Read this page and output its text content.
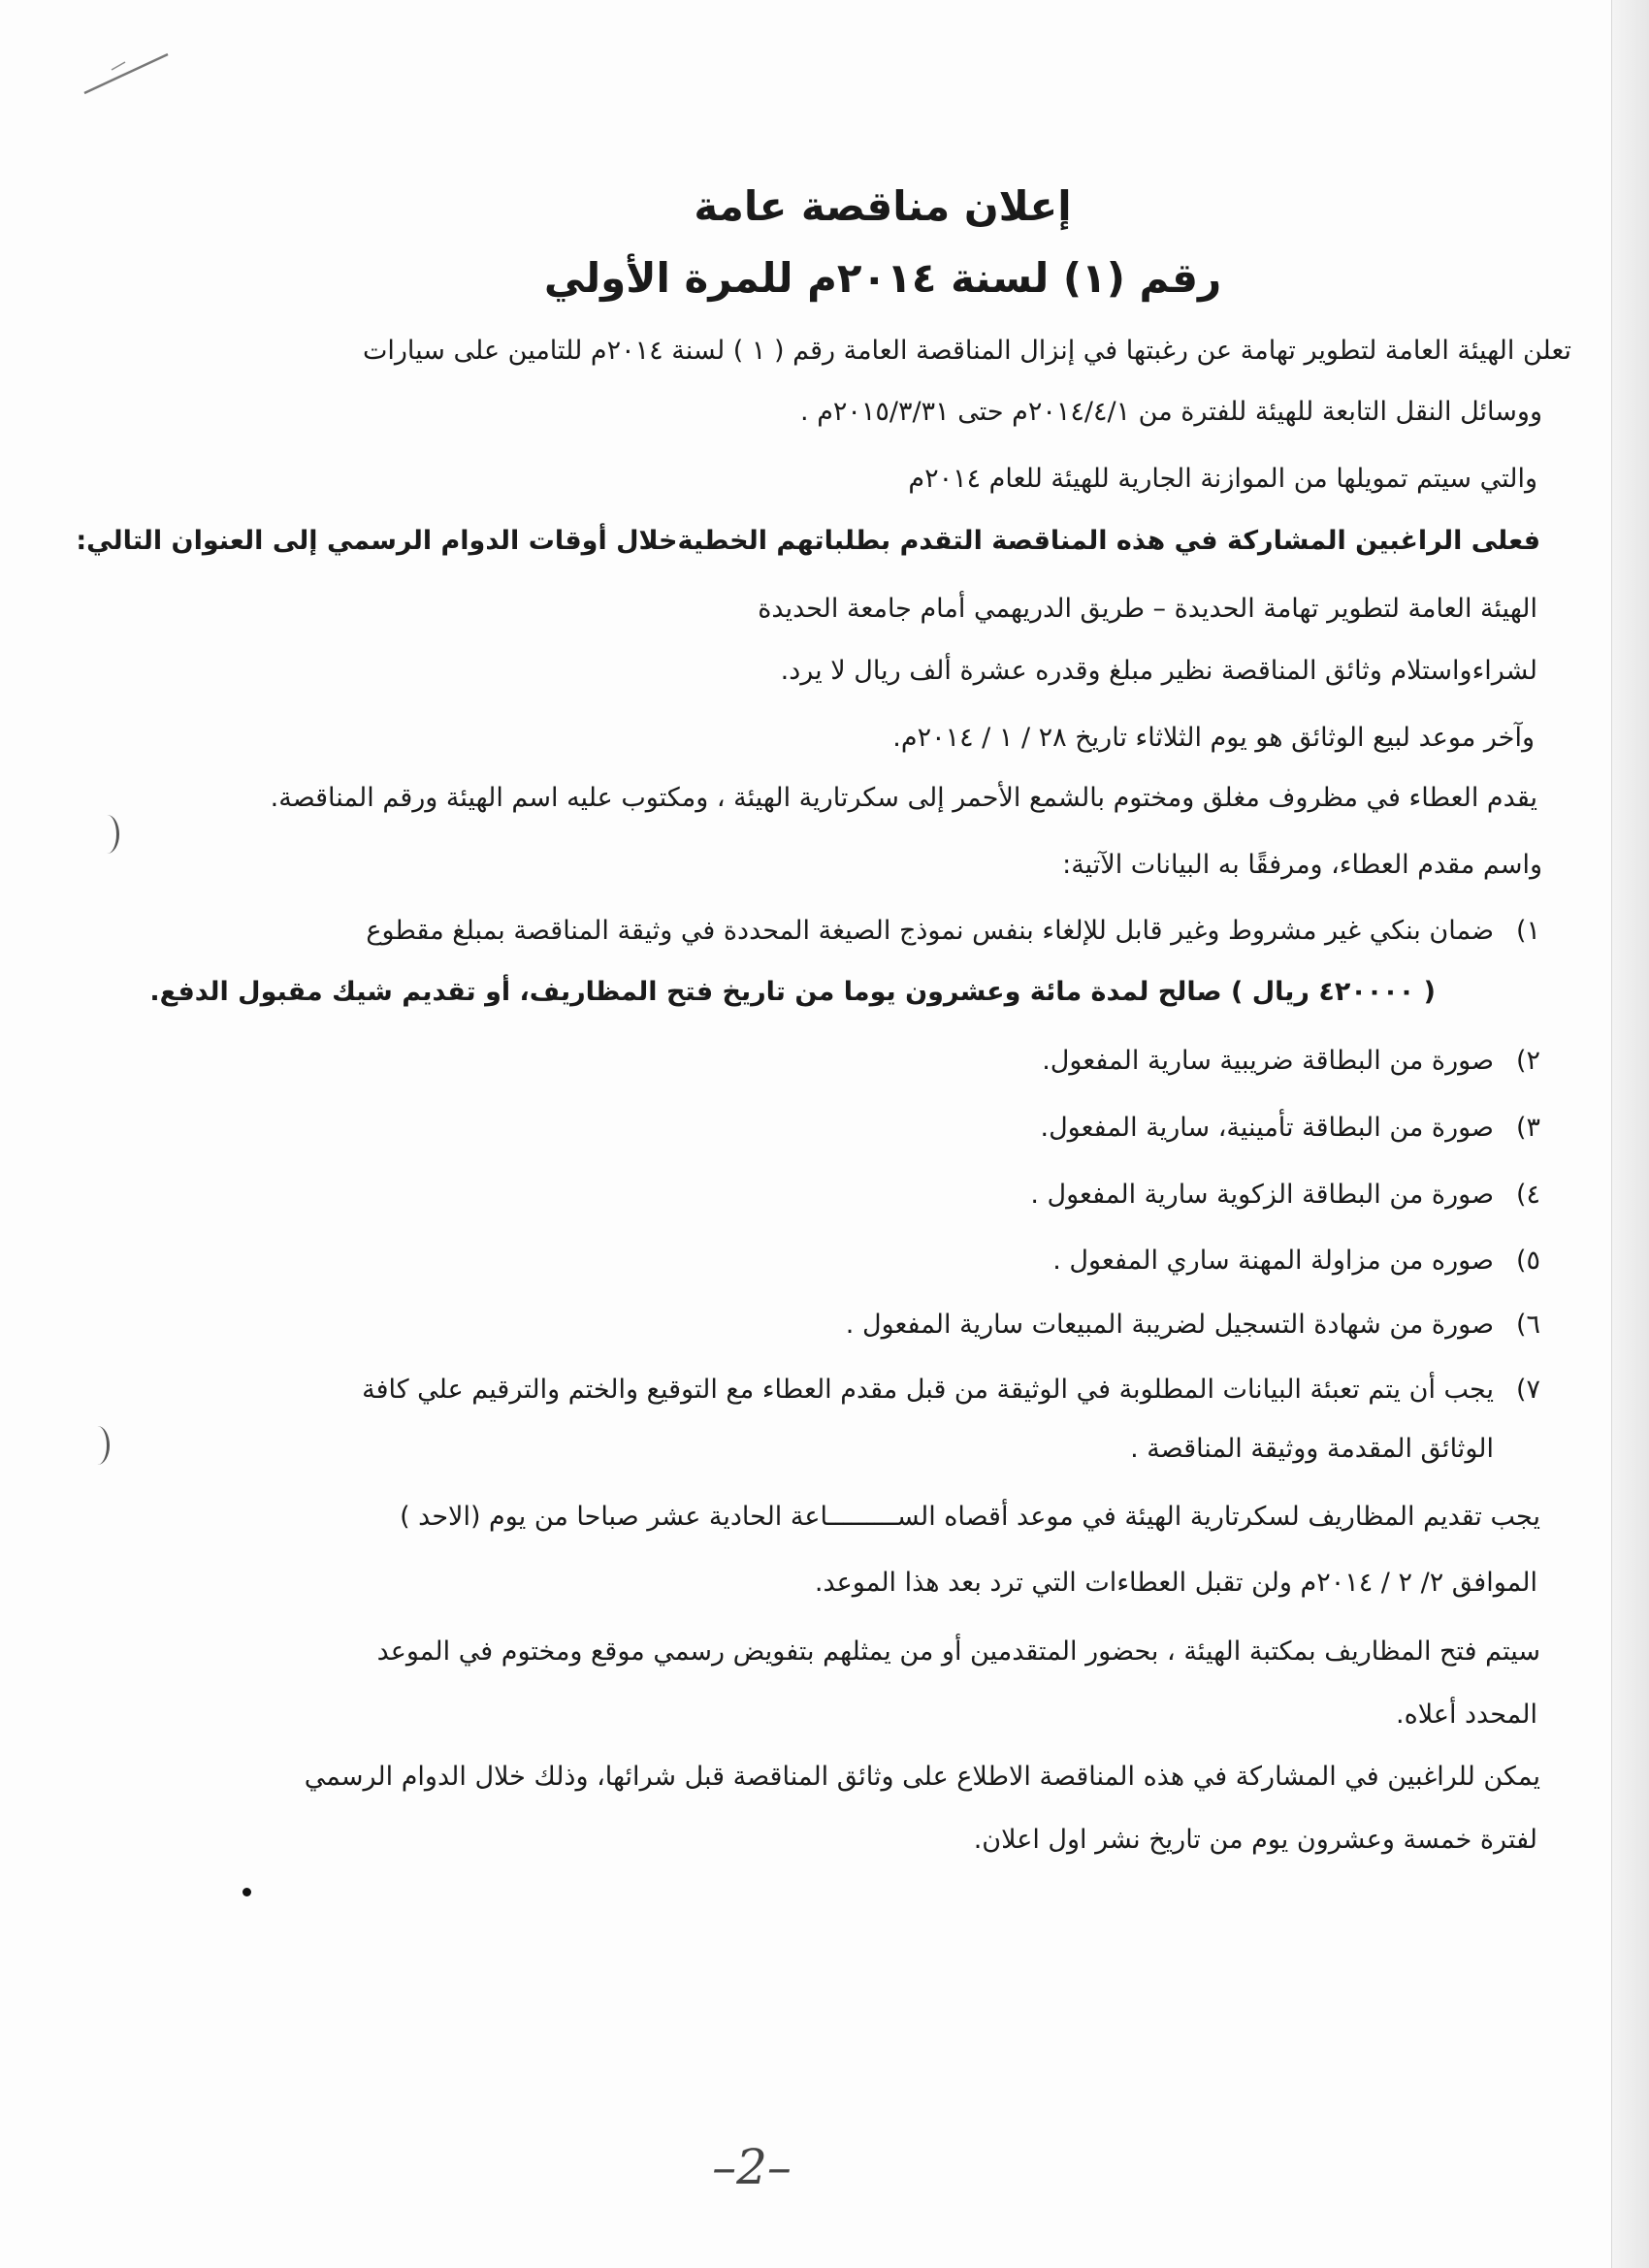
إعلان مناقصة عامة
رقم (١) لسنة ٢٠١٤م للمرة الأولي
تعلن الهيئة العامة لتطوير تهامة عن رغبتها في إنزال المناقصة العامة رقم ( ١ ) لسنة ٢٠١٤م للتامين على سيارات
ووسائل النقل التابعة للهيئة للفترة من ٢٠١٤/٤/١م حتى ٢٠١٥/٣/٣١م .
والتي سيتم تمويلها من الموازنة الجارية للهيئة للعام ٢٠١٤م
فعلى الراغبين المشاركة في هذه المناقصة التقدم بطلباتهم الخطيةخلال أوقات الدوام الرسمي إلى العنوان التالي:
الهيئة العامة لتطوير تهامة الحديدة – طريق الدريهمي أمام جامعة الحديدة
لشراءواستلام وثائق المناقصة نظير مبلغ وقدره عشرة ألف ريال لا يرد.
وآخر موعد لبيع الوثائق هو يوم الثلاثاء تاريخ ٢٨ / ١ / ٢٠١٤م.
يقدم العطاء في مظروف مغلق ومختوم بالشمع الأحمر إلى سكرتارية الهيئة ، ومكتوب عليه اسم الهيئة ورقم المناقصة.
واسم مقدم العطاء، ومرفقًا به البيانات الآتية:
١)
ضمان بنكي غير مشروط وغير قابل للإلغاء بنفس نموذج الصيغة المحددة في وثيقة المناقصة بمبلغ مقطوع
( ٤٢٠٠٠٠ ريال ) صالح لمدة مائة وعشرون يوما من تاريخ فتح المظاريف، أو تقديم شيك مقبول الدفع.
٢)
صورة من البطاقة ضريبية سارية المفعول.
٣)
صورة من البطاقة تأمينية، سارية المفعول.
٤)
صورة من البطاقة الزكوية سارية المفعول .
٥)
صوره من مزاولة المهنة ساري المفعول .
٦)
صورة من شهادة التسجيل لضريبة المبيعات سارية المفعول .
٧)
يجب أن يتم تعبئة البيانات المطلوبة في الوثيقة من قبل مقدم العطاء مع التوقيع والختم والترقيم علي كافة
الوثائق المقدمة ووثيقة المناقصة .
يجب تقديم المظاريف لسكرتارية الهيئة في موعد أقصاه الســـــــــاعة الحادية عشر صباحا من يوم (الاحد )
الموافق ٢/ ٢ / ٢٠١٤م ولن تقبل العطاءات التي ترد بعد هذا الموعد.
سيتم فتح المظاريف بمكتبة الهيئة ، بحضور المتقدمين أو من يمثلهم بتفويض رسمي موقع ومختوم في الموعد
المحدد أعلاه.
يمكن للراغبين في المشاركة في هذه المناقصة الاطلاع على وثائق المناقصة قبل شرائها، وذلك خلال الدوام الرسمي
لفترة خمسة وعشرون يوم من تاريخ نشر اول اعلان.
–2–
